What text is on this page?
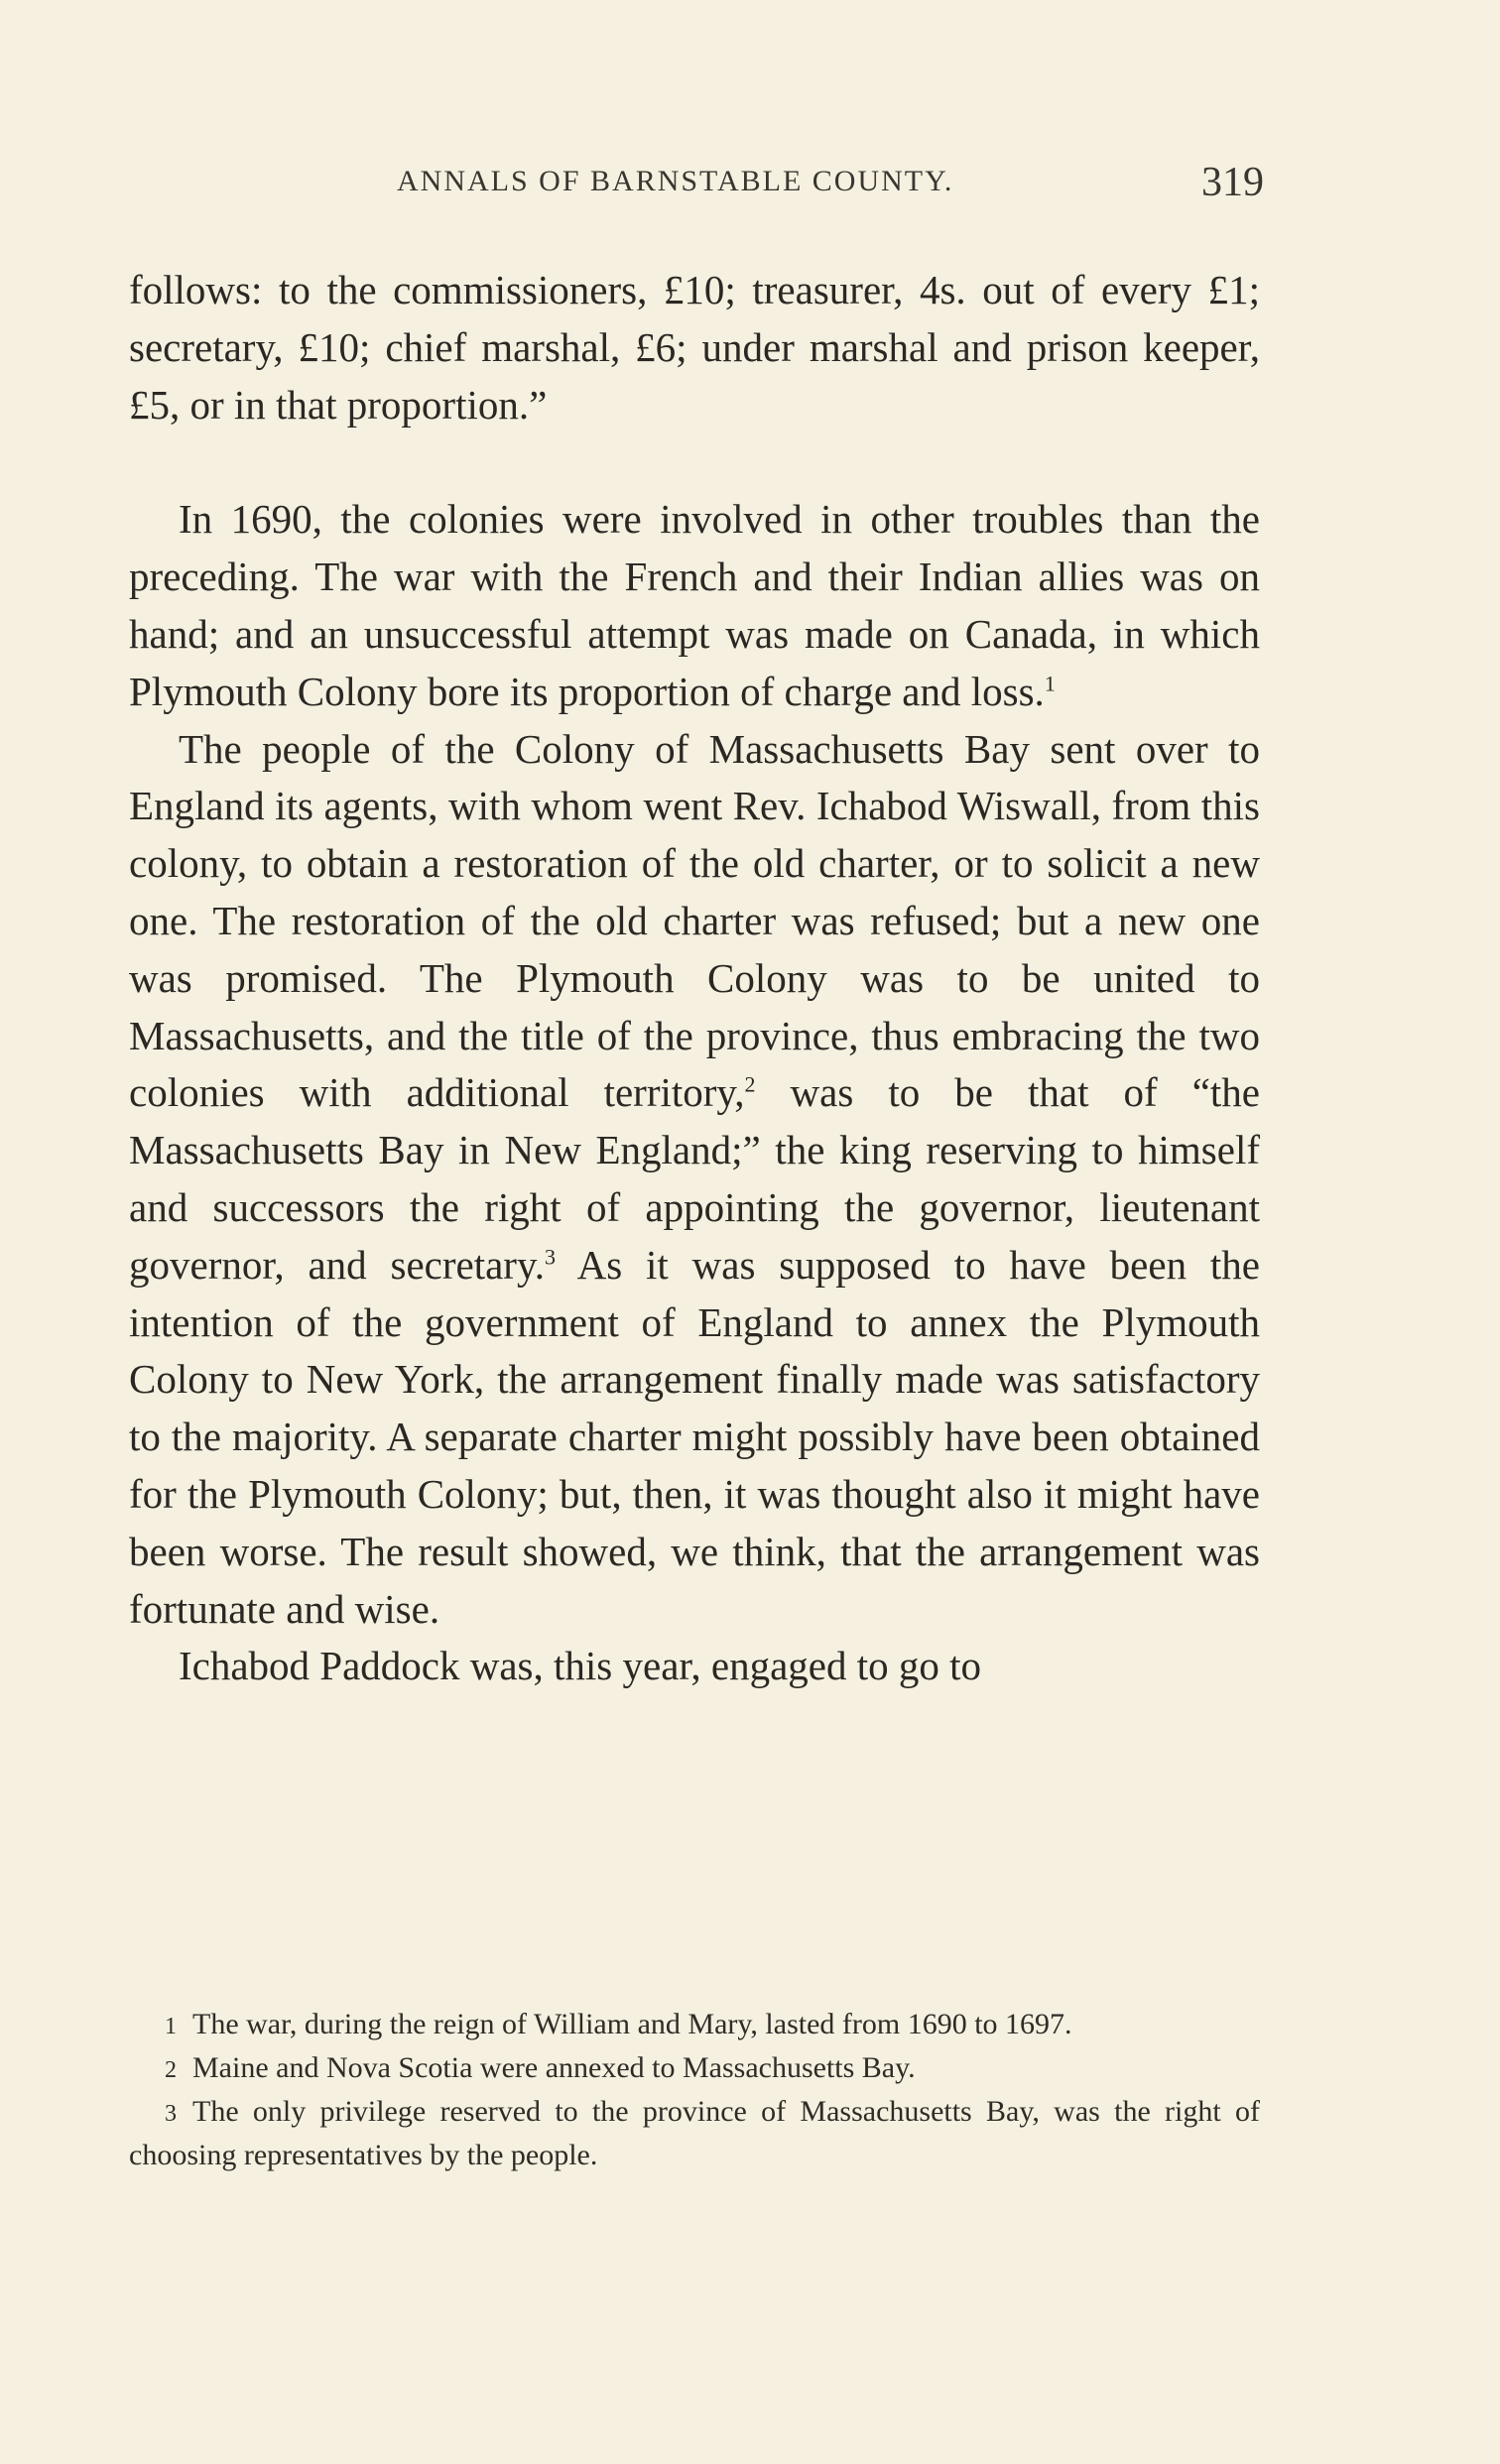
ANNALS OF BARNSTABLE COUNTY.	319

follows: to the commissioners, £10; treasurer, 4s. out of every £1; secretary, £10; chief marshal, £6; under marshal and prison keeper, £5, or in that proportion.”

In 1690, the colonies were involved in other troubles than the preceding. The war with the French and their Indian allies was on hand; and an unsuccessful attempt was made on Canada, in which Plymouth Colony bore its proportion of charge and loss.$^1$

The people of the Colony of Massachusetts Bay sent over to England its agents, with whom went Rev. Ichabod Wiswall, from this colony, to obtain a restoration of the old charter, or to solicit a new one. The restoration of the old charter was refused; but a new one was promised. The Plymouth Colony was to be united to Massachusetts, and the title of the province, thus embracing the two colonies with additional territory,$^2$ was to be that of “the Massachusetts Bay in New England;” the king reserving to himself and successors the right of appointing the governor, lieutenant governor, and secretary.$^3$ As it was supposed to have been the intention of the government of England to annex the Plymouth Colony to New York, the arrangement finally made was satisfactory to the majority. A separate charter might possibly have been obtained for the Plymouth Colony; but, then, it was thought also it might have been worse. The result showed, we think, that the arrangement was fortunate and wise.

Ichabod Paddock was, this year, engaged to go to

1 The war, during the reign of William and Mary, lasted from 1690 to 1697.

2 Maine and Nova Scotia were annexed to Massachusetts Bay.

3 The only privilege reserved to the province of Massachusetts Bay, was the right of choosing representatives by the people.
